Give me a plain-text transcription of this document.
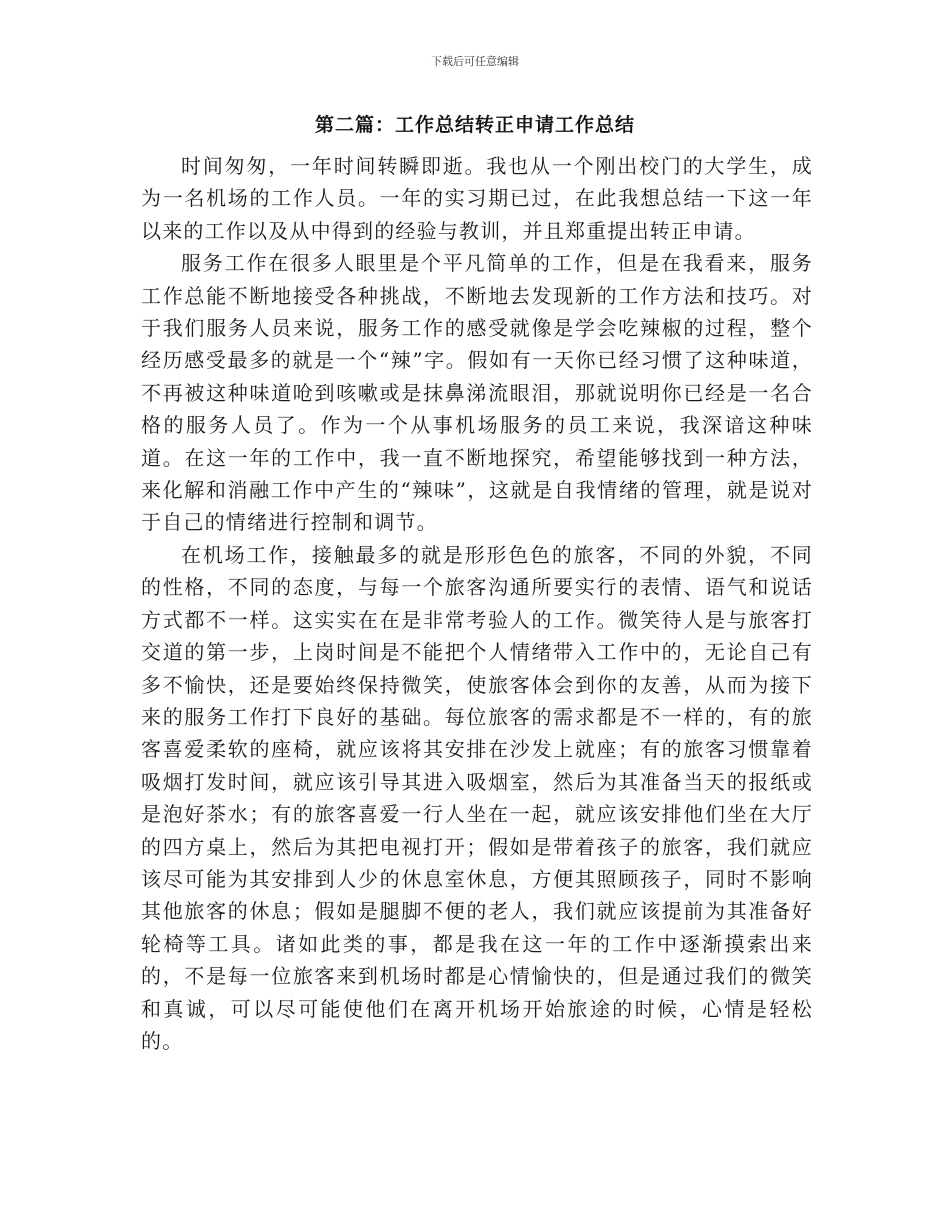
下载后可任意编辑
第二篇：工作总结转正申请工作总结

时间匆匆，一年时间转瞬即逝。我也从一个刚出校门的大学生，成为一名机场的工作人员。一年的实习期已过，在此我想总结一下这一年以来的工作以及从中得到的经验与教训，并且郑重提出转正申请。

服务工作在很多人眼里是个平凡简单的工作，但是在我看来，服务工作总能不断地接受各种挑战，不断地去发现新的工作方法和技巧。对于我们服务人员来说，服务工作的感受就像是学会吃辣椒的过程，整个经历感受最多的就是一个“辣”字。假如有一天你已经习惯了这种味道，不再被这种味道呛到咳嗽或是抹鼻涕流眼泪，那就说明你已经是一名合格的服务人员了。作为一个从事机场服务的员工来说，我深谙这种味道。在这一年的工作中，我一直不断地探究，希望能够找到一种方法，来化解和消融工作中产生的“辣味”，这就是自我情绪的管理，就是说对于自己的情绪进行控制和调节。

在机场工作，接触最多的就是形形色色的旅客，不同的外貌，不同的性格，不同的态度，与每一个旅客沟通所要实行的表情、语气和说话方式都不一样。这实实在在是非常考验人的工作。微笑待人是与旅客打交道的第一步，上岗时间是不能把个人情绪带入工作中的，无论自己有多不愉快，还是要始终保持微笑，使旅客体会到你的友善，从而为接下来的服务工作打下良好的基础。每位旅客的需求都是不一样的，有的旅客喜爱柔软的座椅，就应该将其安排在沙发上就座；有的旅客习惯靠着吸烟打发时间，就应该引导其进入吸烟室，然后为其准备当天的报纸或是泡好茶水；有的旅客喜爱一行人坐在一起，就应该安排他们坐在大厅的四方桌上，然后为其把电视打开；假如是带着孩子的旅客，我们就应该尽可能为其安排到人少的休息室休息，方便其照顾孩子，同时不影响其他旅客的休息；假如是腿脚不便的老人，我们就应该提前为其准备好轮椅等工具。诸如此类的事，都是我在这一年的工作中逐渐摸索出来的，不是每一位旅客来到机场时都是心情愉快的，但是通过我们的微笑和真诚，可以尽可能使他们在离开机场开始旅途的时候，心情是轻松的。
